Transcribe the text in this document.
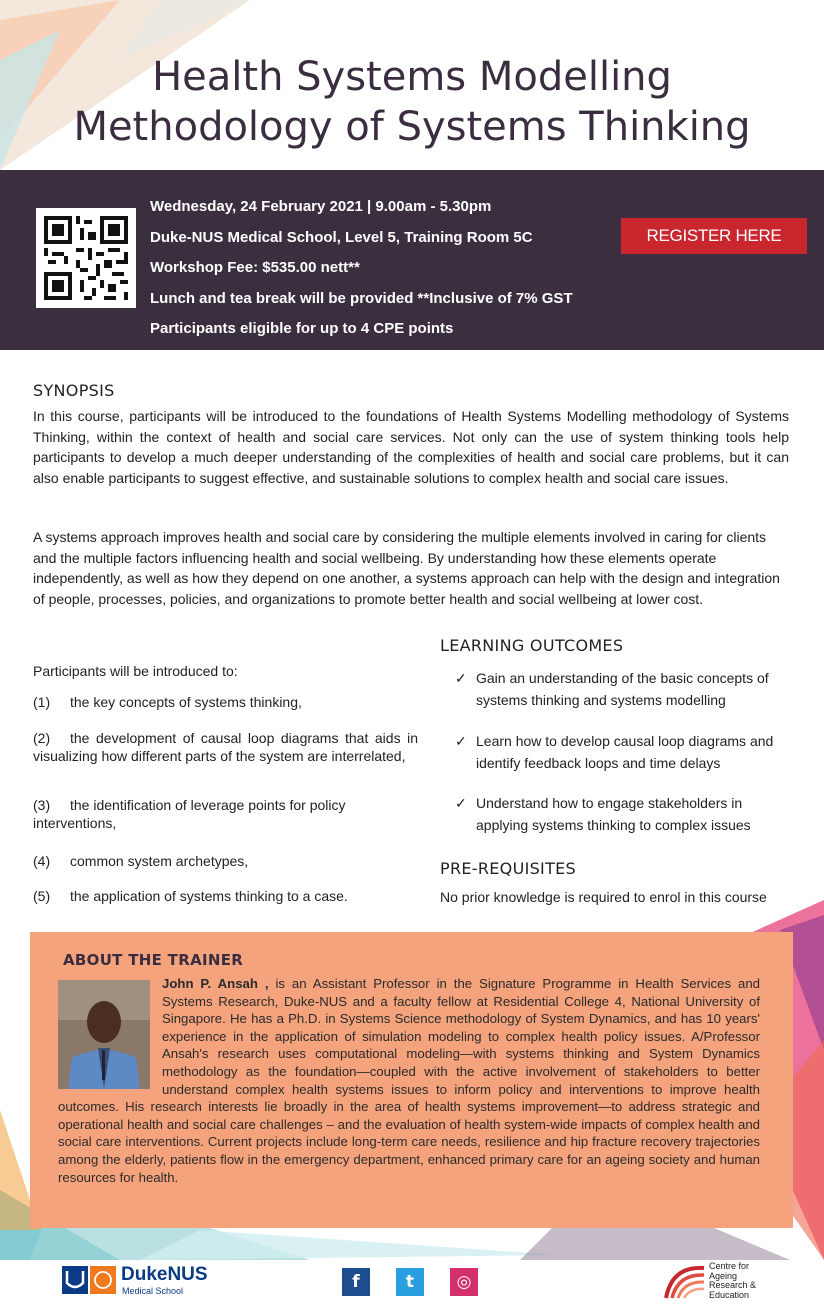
Health Systems Modelling
Methodology of Systems Thinking
Wednesday, 24 February 2021 | 9.00am - 5.30pm
Duke-NUS Medical School, Level 5, Training Room 5C
Workshop Fee: $535.00 nett**
Lunch and tea break will be provided **Inclusive of 7% GST
Participants eligible for up to 4 CPE points
REGISTER HERE
SYNOPSIS
In this course, participants will be introduced to the foundations of Health Systems Modelling methodology of Systems Thinking, within the context of health and social care services. Not only can the use of system thinking tools help participants to develop a much deeper understanding of the complexities of health and social care problems, but it can also enable participants to suggest effective, and sustainable solutions to complex health and social care issues.
A systems approach improves health and social care by considering the multiple elements involved in caring for clients and the multiple factors influencing health and social wellbeing. By understanding how these elements operate independently, as well as how they depend on one another, a systems approach can help with the design and integration of people, processes, policies, and organizations to promote better health and social wellbeing at lower cost.
Participants will be introduced to:
(1) the key concepts of systems thinking,
(2) the development of causal loop diagrams that aids in visualizing how different parts of the system are interrelated,
(3) the identification of leverage points for policy interventions,
(4) common system archetypes,
(5) the application of systems thinking to a case.
LEARNING OUTCOMES
✓ Gain an understanding of the basic concepts of systems thinking and systems modelling
✓ Learn how to develop causal loop diagrams and identify feedback loops and time delays
✓ Understand how to engage stakeholders in applying systems thinking to complex issues
PRE-REQUISITES
No prior knowledge is required to enrol in this course
ABOUT THE TRAINER
John P. Ansah , is an Assistant Professor in the Signature Programme in Health Services and Systems Research, Duke-NUS and a faculty fellow at Residential College 4, National University of Singapore. He has a Ph.D. in Systems Science methodology of System Dynamics, and has 10 years' experience in the application of simulation modeling to complex health policy issues. A/Professor Ansah's research uses computational modeling—with systems thinking and System Dynamics methodology as the foundation—coupled with the active involvement of stakeholders to better understand complex health systems issues to inform policy and interventions to improve health outcomes. His research interests lie broadly in the area of health systems improvement—to address strategic and operational health and social care challenges – and the evaluation of health system-wide impacts of complex health and social care interventions. Current projects include long-term care needs, resilience and hip fracture recovery trajectories among the elderly, patients flow in the emergency department, enhanced primary care for an ageing society and human resources for health.
DukeNUS
Medical School	f	t	◎
Centre for
Ageing
Research &
Education
